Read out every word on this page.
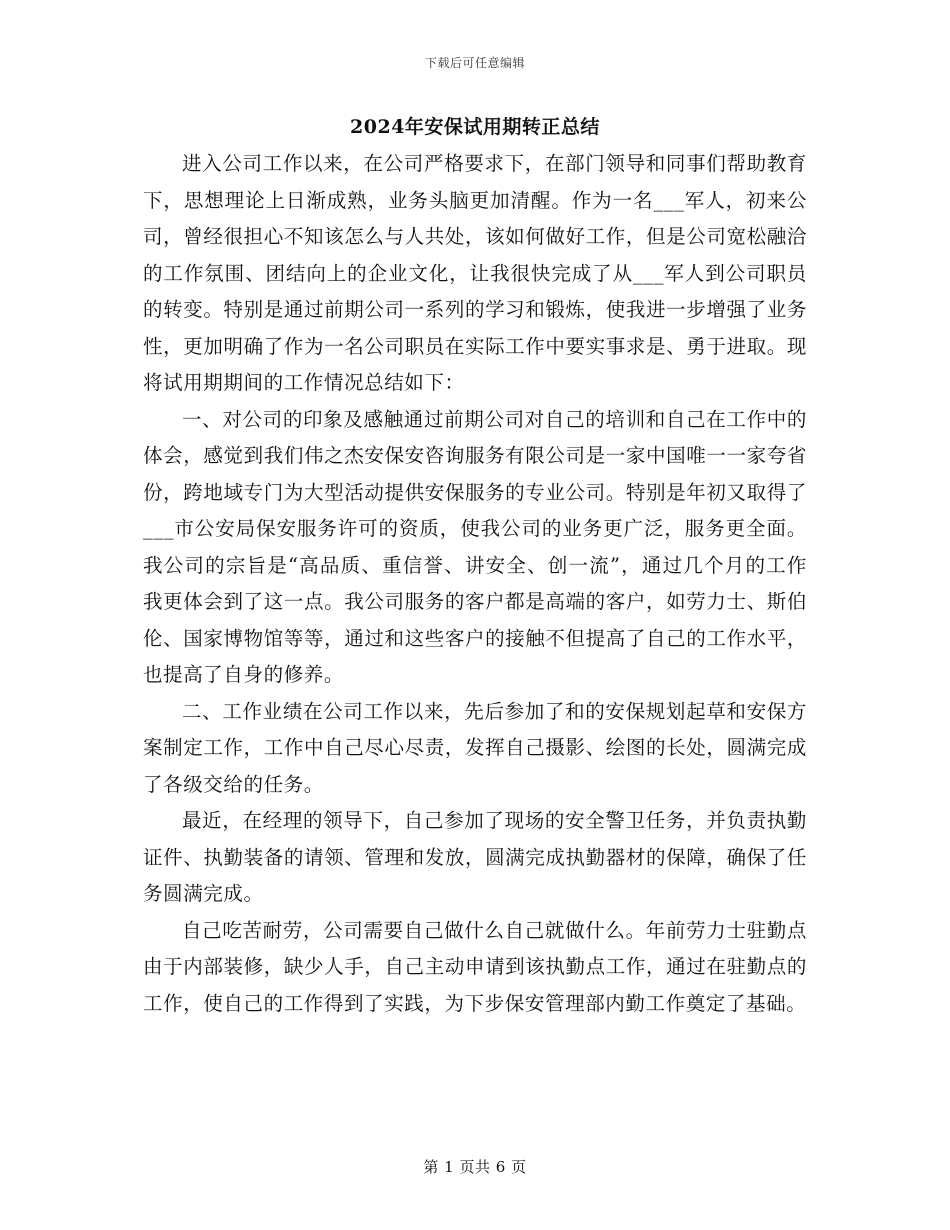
下载后可任意编辑
2024年安保试用期转正总结

进入公司工作以来，在公司严格要求下，在部门领导和同事们帮助教育下，思想理论上日渐成熟，业务头脑更加清醒。作为一名___军人，初来公司，曾经很担心不知该怎么与人共处，该如何做好工作，但是公司宽松融洽的工作氛围、团结向上的企业文化，让我很快完成了从___军人到公司职员的转变。特别是通过前期公司一系列的学习和锻炼，使我进一步增强了业务性，更加明确了作为一名公司职员在实际工作中要实事求是、勇于进取。现将试用期期间的工作情况总结如下：

一、对公司的印象及感触通过前期公司对自己的培训和自己在工作中的体会，感觉到我们伟之杰安保安咨询服务有限公司是一家中国唯一一家夸省份，跨地域专门为大型活动提供安保服务的专业公司。特别是年初又取得了___市公安局保安服务许可的资质，使我公司的业务更广泛，服务更全面。我公司的宗旨是“高品质、重信誉、讲安全、创一流”，通过几个月的工作我更体会到了这一点。我公司服务的客户都是高端的客户，如劳力士、斯伯伦、国家博物馆等等，通过和这些客户的接触不但提高了自己的工作水平，也提高了自身的修养。

二、工作业绩在公司工作以来，先后参加了和的安保规划起草和安保方案制定工作，工作中自己尽心尽责，发挥自己摄影、绘图的长处，圆满完成了各级交给的任务。

最近，在经理的领导下，自己参加了现场的安全警卫任务，并负责执勤证件、执勤装备的请领、管理和发放，圆满完成执勤器材的保障，确保了任务圆满完成。

自己吃苦耐劳，公司需要自己做什么自己就做什么。年前劳力士驻勤点由于内部装修，缺少人手，自己主动申请到该执勤点工作，通过在驻勤点的工作，使自己的工作得到了实践，为下步保安管理部内勤工作奠定了基础。

第 1 页共 6 页
